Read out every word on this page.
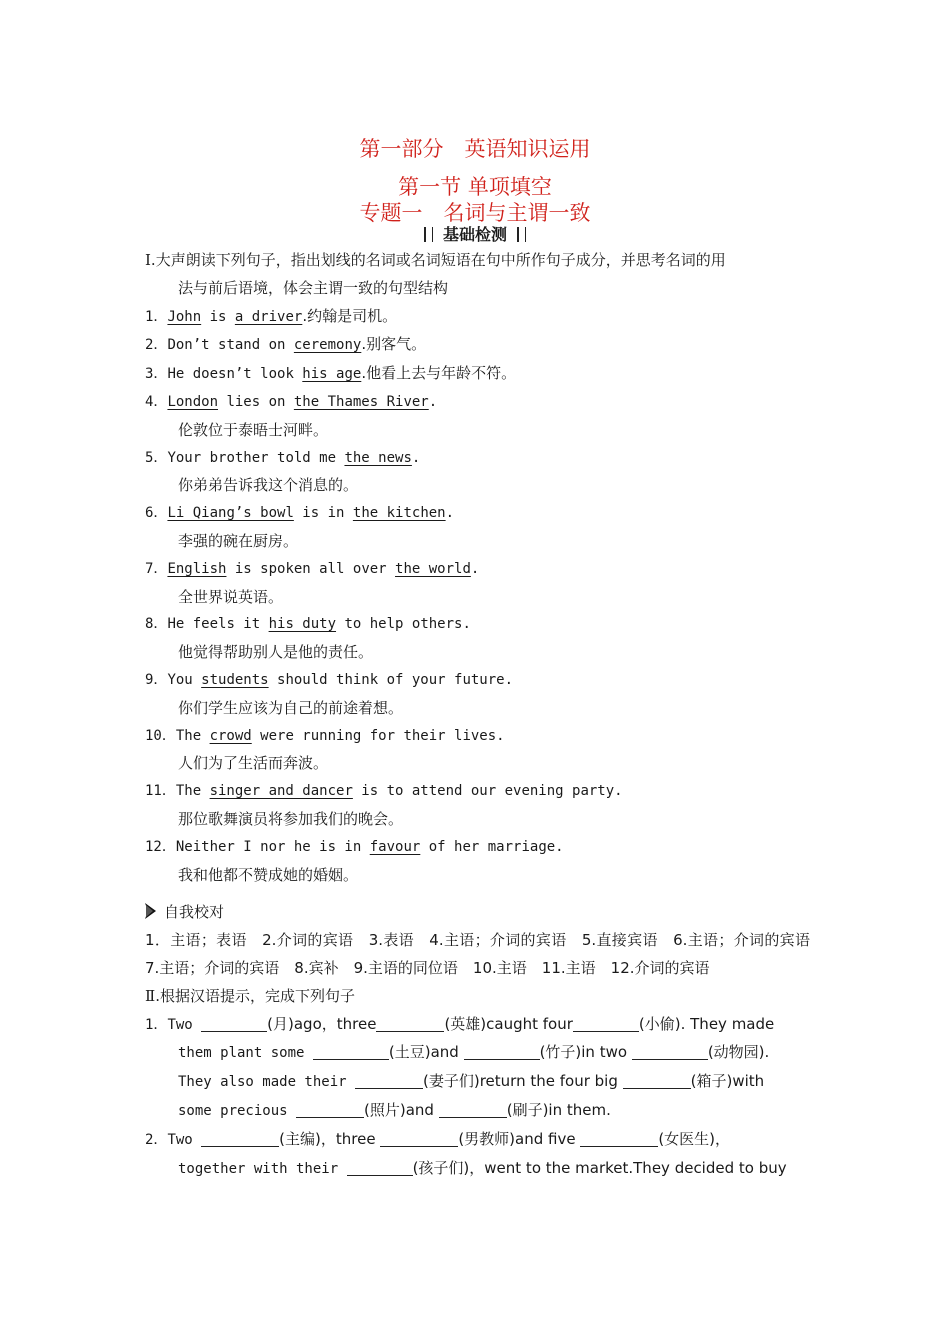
第一部分　英语知识运用
第一节 单项填空
专题一　名词与主谓一致
基础检测
I.大声朗读下列句子，指出划线的名词或名词短语在句中所作句子成分，并思考名词的用
法与前后语境，体会主谓一致的句型结构
1．John is a driver.约翰是司机。
2．Don’t stand on ceremony.别客气。
3．He doesn’t look his age.他看上去与年龄不符。
4．London lies on the Thames River.
伦敦位于泰晤士河畔。
5．Your brother told me the news.
你弟弟告诉我这个消息的。
6．Li Qiang’s bowl is in the kitchen.
李强的碗在厨房。
7．English is spoken all over the world.
全世界说英语。
8．He feels it his duty to help others.
他觉得帮助别人是他的责任。
9．You students should think of your future.
你们学生应该为自己的前途着想。
10．The crowd were running for their lives.
人们为了生活而奔波。
11．The singer and dancer is to attend our evening party.
那位歌舞演员将参加我们的晚会。
12．Neither I nor he is in favour of her marriage.
我和他都不赞成她的婚姻。
自我校对
1．主语；表语　2.介词的宾语　3.表语　4.主语；介词的宾语　5.直接宾语　6.主语；介词的宾语　7.主语；介词的宾语　8.宾补　9.主语的同位语　10.主语　11.主语　12.介词的宾语
Ⅱ.根据汉语提示，完成下列句子
1．Two	(月)ago，three	(英雄)caught four	(小偷). They made
them plant some	(土豆)and	(竹子)in two	(动物园).
They also made their	(妻子们)return the four big	(箱子)with
some precious	(照片)and	(刷子)in them.
2．Two	(主编)，three	(男教师)and five	(女医生)，
together with their	(孩子们)，went to the market.They decided to buy
